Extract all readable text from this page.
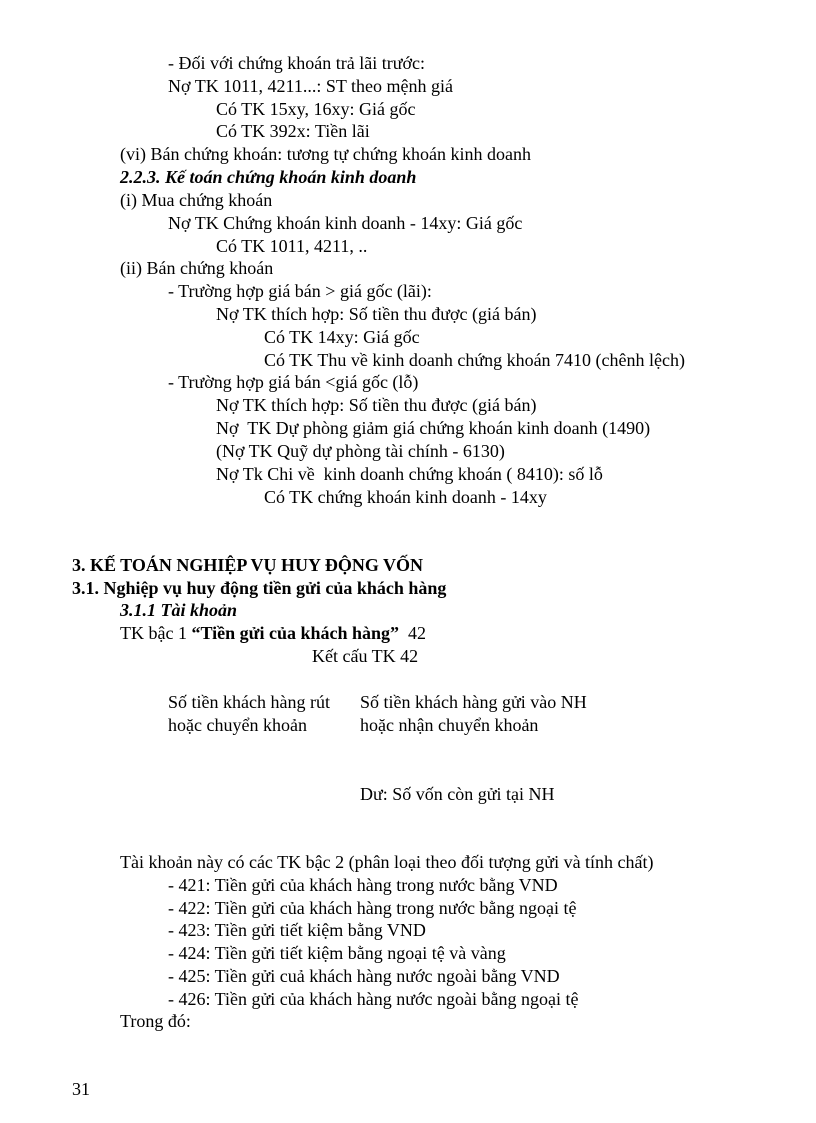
- Đối với chứng khoán trả lãi trước:
Nợ TK 1011, 4211...: ST theo mệnh giá
Có TK 15xy, 16xy: Giá gốc
Có TK 392x: Tiền lãi
(vi) Bán chứng khoán: tương tự chứng khoán kinh doanh
2.2.3. Kế toán chứng khoán kinh doanh
(i) Mua chứng khoán
Nợ TK Chứng khoán kinh doanh - 14xy: Giá gốc
Có TK 1011, 4211, ..
(ii) Bán chứng khoán
- Trường hợp giá bán > giá gốc (lãi):
Nợ TK thích hợp: Số tiền thu được (giá bán)
Có TK 14xy: Giá gốc
Có TK Thu về kinh doanh chứng khoán 7410 (chênh lệch)
- Trường hợp giá bán <giá gốc (lỗ)
Nợ TK thích hợp: Số tiền thu được (giá bán)
Nợ  TK Dự phòng giảm giá chứng khoán kinh doanh (1490)
(Nợ TK Quỹ dự phòng tài chính - 6130)
Nợ Tk Chi về  kinh doanh chứng khoán ( 8410): số lỗ
Có TK chứng khoán kinh doanh - 14xy
3. KẾ TOÁN NGHIỆP VỤ HUY ĐỘNG VỐN
3.1. Nghiệp vụ huy động tiền gửi của khách hàng
3.1.1 Tài khoản
TK bậc 1 “Tiền gửi của khách hàng”  42
Kết cấu TK 42
Số tiền khách hàng rút
hoặc chuyển khoản
Số tiền khách hàng gửi vào NH
hoặc nhận chuyển khoản
Dư: Số vốn còn gửi tại NH
Tài khoản này có các TK bậc 2 (phân loại theo đối tượng gửi và tính chất)
- 421: Tiền gửi của khách hàng trong nước bằng VND
- 422: Tiền gửi của khách hàng trong nước bằng ngoại tệ
- 423: Tiền gửi tiết kiệm bằng VND
- 424: Tiền gửi tiết kiệm bằng ngoại tệ và vàng
- 425: Tiền gửi cuả khách hàng nước ngoài bằng VND
- 426: Tiền gửi của khách hàng nước ngoài bằng ngoại tệ
Trong đó:
31
